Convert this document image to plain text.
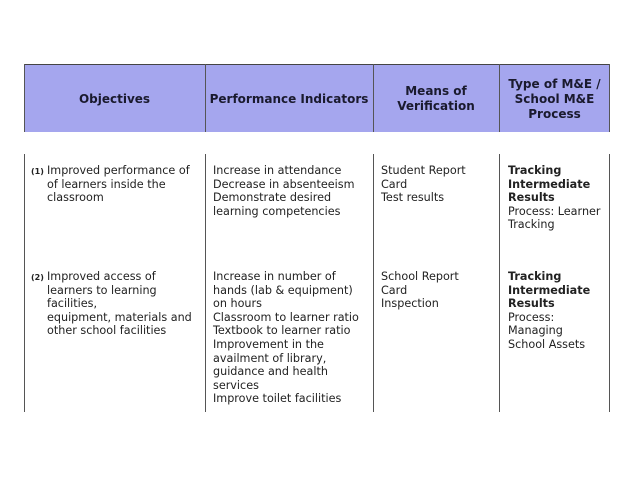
Objectives	Performance Indicators
Means of
Verification
Type of M&E /
School M&E
Process
(1) Improved performance of
of learners inside the
classroom
Increase in attendance
Decrease in absenteeism
Demonstrate desired
learning competencies
Student Report
Card
Test results
Tracking
Intermediate
Results
Process: Learner
Tracking
(2) Improved access of
learners to learning facilities,
equipment, materials and
other school facilities
Increase in number of
hands (lab & equipment)
on hours
Classroom to learner ratio
Textbook to learner ratio
Improvement in the
availment of library,
guidance and health
services
Improve toilet facilities
School Report
Card
Inspection
Tracking
Intermediate
Results
Process:
Managing
School Assets
